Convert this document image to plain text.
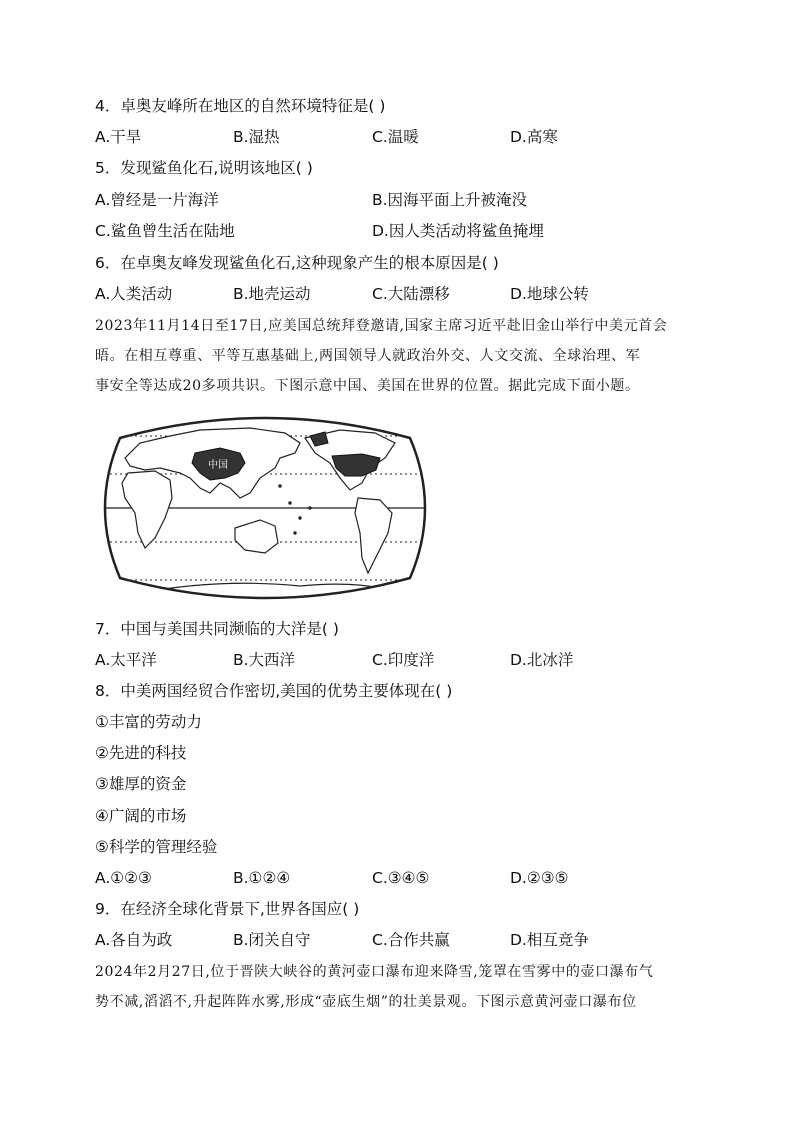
4．卓奥友峰所在地区的自然环境特征是( )
A.干旱	B.湿热	C.温暖	D.高寒
5．发现鲨鱼化石,说明该地区( )
A.曾经是一片海洋	B.因海平面上升被淹没
C.鲨鱼曾生活在陆地	D.因人类活动将鲨鱼掩埋
6．在卓奥友峰发现鲨鱼化石,这种现象产生的根本原因是( )
A.人类活动	B.地壳运动	C.大陆漂移	D.地球公转
2023年11月14日至17日,应美国总统拜登邀请,国家主席习近平赴旧金山举行中美元首会
晤。在相互尊重、平等互惠基础上,两国领导人就政治外交、人文交流、全球治理、军
事安全等达成20多项共识。下图示意中国、美国在世界的位置。据此完成下面小题。
中国
7．中国与美国共同濒临的大洋是( )
A.太平洋	B.大西洋	C.印度洋	D.北冰洋
8．中美两国经贸合作密切,美国的优势主要体现在( )
①丰富的劳动力
②先进的科技
③雄厚的资金
④广阔的市场
⑤科学的管理经验
A.①②③	B.①②④	C.③④⑤	D.②③⑤
9．在经济全球化背景下,世界各国应( )
A.各自为政	B.闭关自守	C.合作共赢	D.相互竞争
2024年2月27日,位于晋陕大峡谷的黄河壶口瀑布迎来降雪,笼罩在雪雾中的壶口瀑布气
势不减,滔滔不,升起阵阵水雾,形成“壶底生烟”的壮美景观。下图示意黄河壶口瀑布位
